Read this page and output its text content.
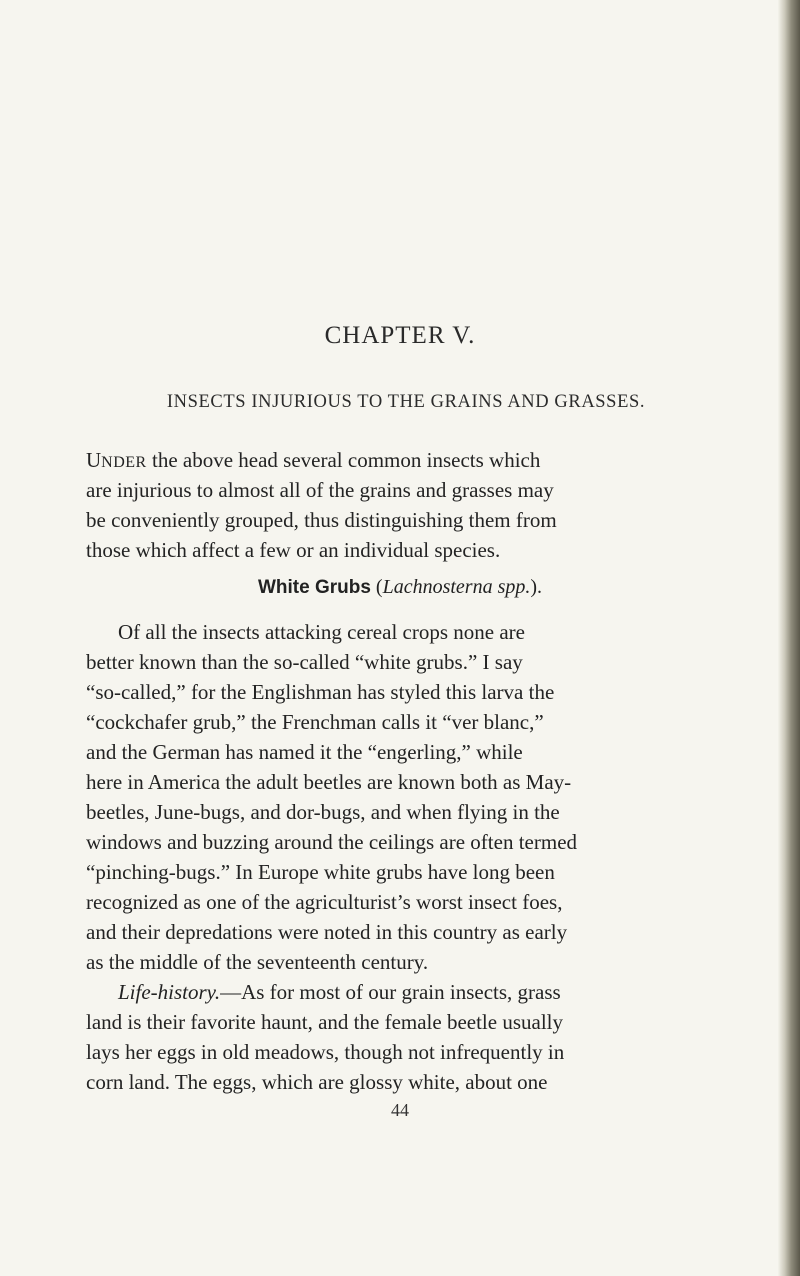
CHAPTER V.
INSECTS INJURIOUS TO THE GRAINS AND GRASSES.
UNDER the above head several common insects which
are injurious to almost all of the grains and grasses may
be conveniently grouped, thus distinguishing them from
those which affect a few or an individual species.
White Grubs (Lachnosterna spp.).
Of all the insects attacking cereal crops none are
better known than the so-called “white grubs.” I say
“so-called,” for the Englishman has styled this larva the
“cockchafer grub,” the Frenchman calls it “ver blanc,”
and the German has named it the “engerling,” while
here in America the adult beetles are known both as May-
beetles, June-bugs, and dor-bugs, and when flying in the
windows and buzzing around the ceilings are often termed
“pinching-bugs.” In Europe white grubs have long been
recognized as one of the agriculturist’s worst insect foes,
and their depredations were noted in this country as early
as the middle of the seventeenth century.
Life-history.—As for most of our grain insects, grass
land is their favorite haunt, and the female beetle usually
lays her eggs in old meadows, though not infrequently in
corn land. The eggs, which are glossy white, about one
44
